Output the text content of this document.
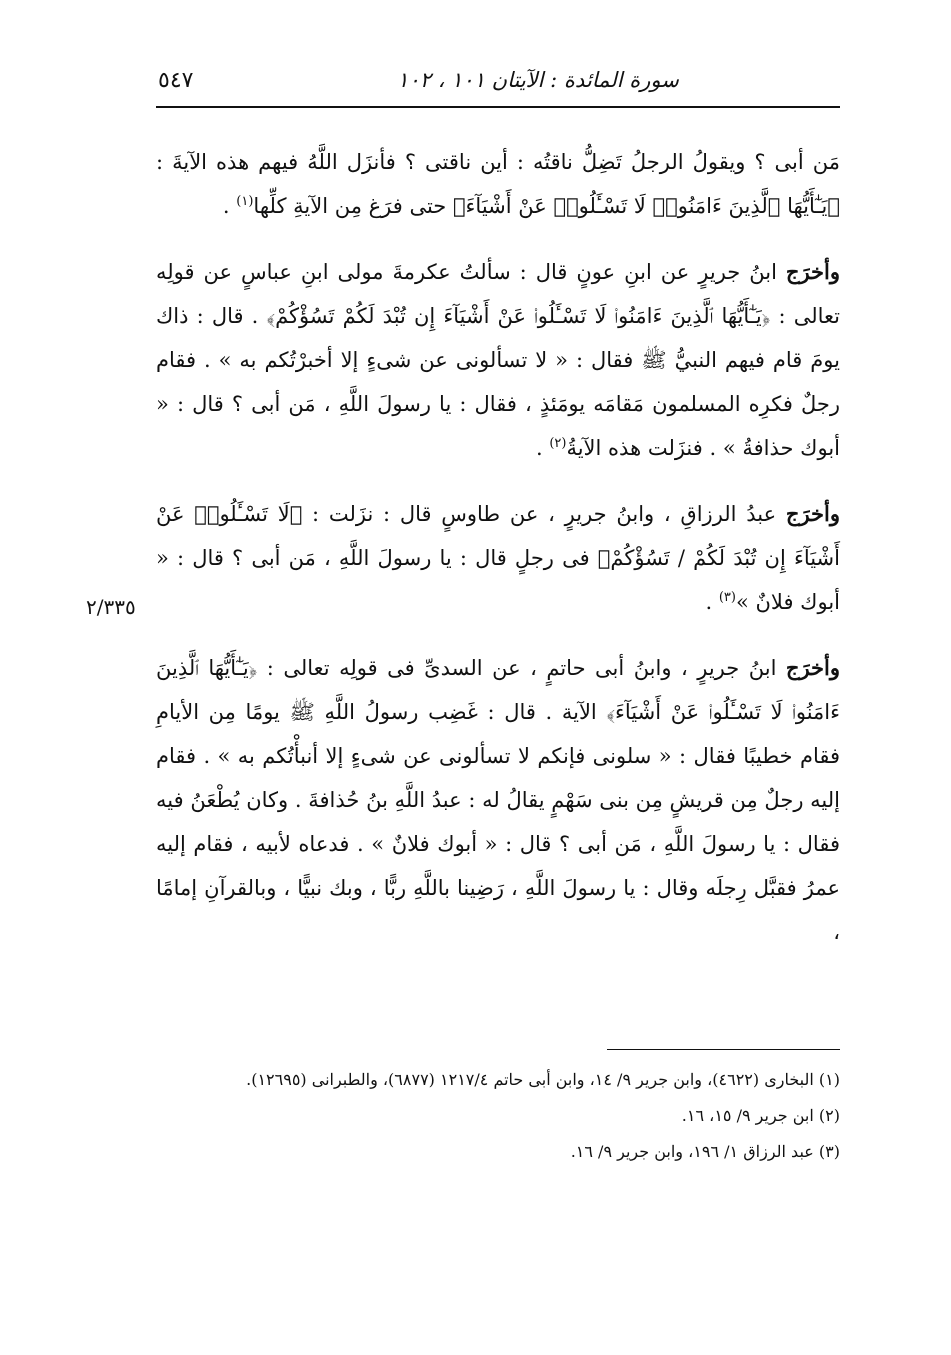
سورة المائدة : الآيتان ١٠١ ، ١٠٢
٥٤٧

مَن أبى ؟ ويقولُ الرجلُ تَضِلُّ ناقتُه : أين ناقتى ؟ فأنزَل اللَّهُ فيهم هذه الآيةَ : ﴿يَـٰٓأَيُّهَا ٱلَّذِينَ ءَامَنُوا۟ لَا تَسْـَٔلُوا۟ عَنْ أَشْيَآءَ﴾ حتى فرَغ مِن الآيةِ كلِّها$^{(١)}$ .

وأخرَج ابنُ جريرٍ عن ابنِ عونٍ قال : سألتُ عكرمةَ مولى ابنِ عباسٍ عن قولِه تعالى : ﴿يَـٰٓأَيُّهَا ٱلَّذِينَ ءَامَنُوا۟ لَا تَسْـَٔلُوا۟ عَنْ أَشْيَآءَ إِن تُبْدَ لَكُمْ تَسُؤْكُمْ﴾ . قال : ذاك يومَ قام فيهم النبيُّ ﷺ فقال : « لا تسألونى عن شىءٍ إلا أخبرْتُكم به » . فقام رجلٌ فكرِه المسلمون مَقامَه يومَئذٍ ، فقال : يا رسولَ اللَّهِ ، مَن أبى ؟ قال : « أبوك حذافةُ » . فنزَلت هذه الآيةُ$^{(٢)}$ .

وأخرَج عبدُ الرزاقِ ، وابنُ جريرٍ ، عن طاوسٍ قال : نزَلت : ﴿لَا تَسْـَٔلُوا۟ عَنْ أَشْيَآءَ إِن تُبْدَ لَكُمْ / تَسُؤْكُمْ﴾ فى رجلٍ قال : يا رسولَ اللَّهِ ، مَن أبى ؟ قال : « أبوك فلانٌ »$^{(٣)}$ .

وأخرَج ابنُ جريرٍ ، وابنُ أبى حاتمٍ ، عن السدىِّ فى قولِه تعالى : ﴿يَـٰٓأَيُّهَا ٱلَّذِينَ ءَامَنُوا۟ لَا تَسْـَٔلُوا۟ عَنْ أَشْيَآءَ﴾ الآية . قال : غَضِب رسولُ اللَّهِ ﷺ يومًا مِن الأيامِ فقام خطيبًا فقال : « سلونى فإنكم لا تسألونى عن شىءٍ إلا أنبأْتُكم به » . فقام إليه رجلٌ مِن قريشٍ مِن بنى سَهْمٍ يقالُ له : عبدُ اللَّهِ بنُ حُذافةَ . وكان يُطْعَنُ فيه فقال : يا رسولَ اللَّهِ ، مَن أبى ؟ قال : « أبوك فلانٌ » . فدعاه لأبيه ، فقام إليه عمرُ فقبَّل رِجلَه وقال : يا رسولَ اللَّهِ ، رَضِينا باللَّهِ ربًّا ، وبك نبيًّا ، وبالقرآنِ إمامًا ،

٢/٣٣٥
(١) البخارى (٤٦٢٢)، وابن جرير ٩/ ١٤، وابن أبى حاتم ١٢١٧/٤ (٦٨٧٧)، والطبرانى (١٢٦٩٥).
(٢) ابن جرير ٩/ ١٥، ١٦.
(٣) عبد الرزاق ١/ ١٩٦، وابن جرير ٩/ ١٦.
